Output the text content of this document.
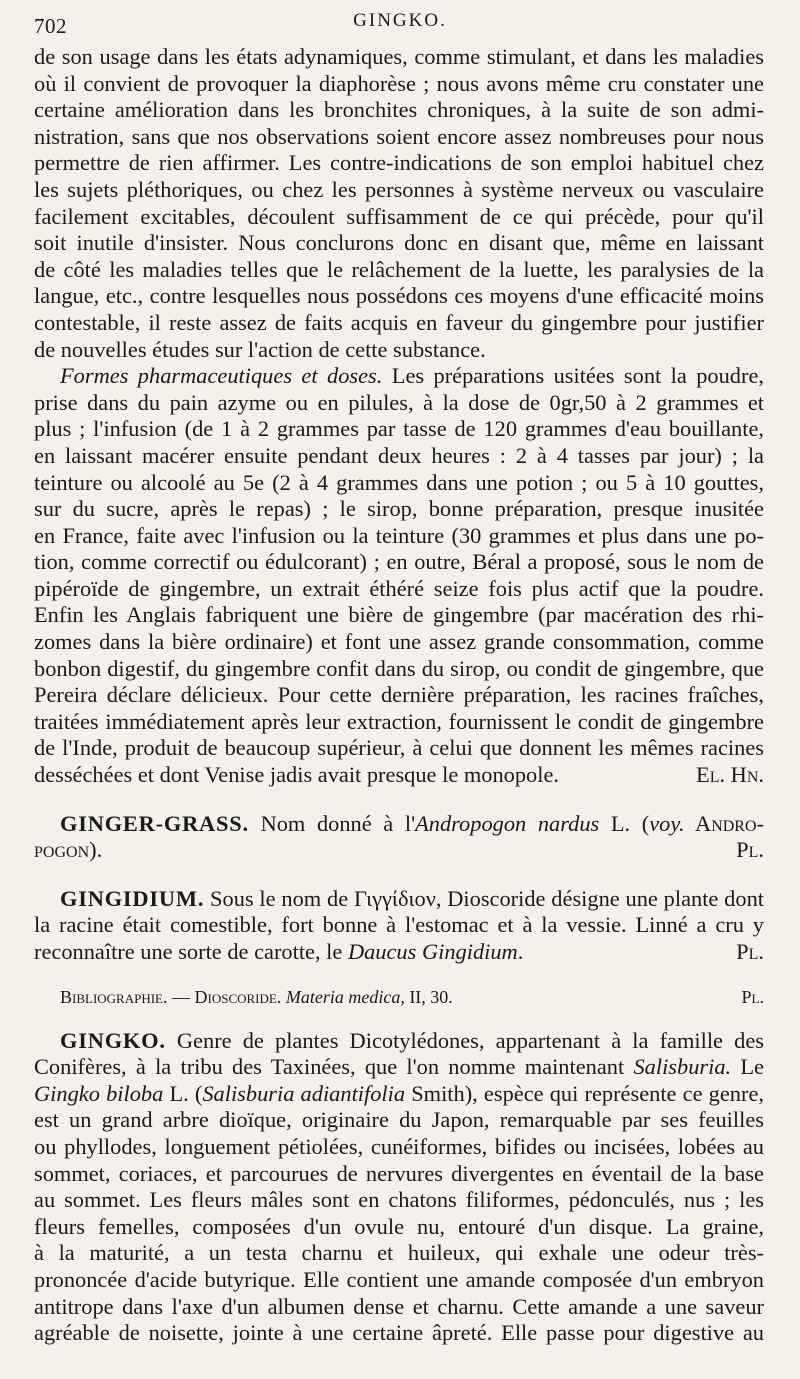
702	GINGKO.
de son usage dans les états adynamiques, comme stimulant, et dans les maladies
où il convient de provoquer la diaphorèse ; nous avons même cru constater une
certaine amélioration dans les bronchites chroniques, à la suite de son admi-
nistration, sans que nos observations soient encore assez nombreuses pour nous
permettre de rien affirmer. Les contre-indications de son emploi habituel chez
les sujets pléthoriques, ou chez les personnes à système nerveux ou vasculaire
facilement excitables, découlent suffisamment de ce qui précède, pour qu'il
soit inutile d'insister. Nous conclurons donc en disant que, même en laissant
de côté les maladies telles que le relâchement de la luette, les paralysies de la
langue, etc., contre lesquelles nous possédons ces moyens d'une efficacité moins
contestable, il reste assez de faits acquis en faveur du gingembre pour justifier
de nouvelles études sur l'action de cette substance.
Formes pharmaceutiques et doses. Les préparations usitées sont la poudre,
prise dans du pain azyme ou en pilules, à la dose de 0gr,50 à 2 grammes et
plus ; l'infusion (de 1 à 2 grammes par tasse de 120 grammes d'eau bouillante,
en laissant macérer ensuite pendant deux heures : 2 à 4 tasses par jour) ; la
teinture ou alcoolé au 5e (2 à 4 grammes dans une potion ; ou 5 à 10 gouttes,
sur du sucre, après le repas) ; le sirop, bonne préparation, presque inusitée
en France, faite avec l'infusion ou la teinture (30 grammes et plus dans une po-
tion, comme correctif ou édulcorant) ; en outre, Béral a proposé, sous le nom de
pipéroïde de gingembre, un extrait éthéré seize fois plus actif que la poudre.
Enfin les Anglais fabriquent une bière de gingembre (par macération des rhi-
zomes dans la bière ordinaire) et font une assez grande consommation, comme
bonbon digestif, du gingembre confit dans du sirop, ou condit de gingembre, que
Pereira déclare délicieux. Pour cette dernière préparation, les racines fraîches,
traitées immédiatement après leur extraction, fournissent le condit de gingembre
de l'Inde, produit de beaucoup supérieur, à celui que donnent les mêmes racines
desséchées et dont Venise jadis avait presque le monopole.	El. Hn.
GINGER-GRASS. Nom donné à l'Andropogon nardus L. (voy. Andro-
pogon).	Pl.
GINGIDIUM. Sous le nom de Γιγγίδιον, Dioscoride désigne une plante dont
la racine était comestible, fort bonne à l'estomac et à la vessie. Linné a cru y
reconnaître une sorte de carotte, le Daucus Gingidium.	Pl.
Bibliographie. — Dioscoride. Materia medica, II, 30.	Pl.
GINGKO. Genre de plantes Dicotylédones, appartenant à la famille des
Conifères, à la tribu des Taxinées, que l'on nomme maintenant Salisburia. Le
Gingko biloba L. (Salisburia adiantifolia Smith), espèce qui représente ce genre,
est un grand arbre dioïque, originaire du Japon, remarquable par ses feuilles
ou phyllodes, longuement pétiolées, cunéiformes, bifides ou incisées, lobées au
sommet, coriaces, et parcourues de nervures divergentes en éventail de la base
au sommet. Les fleurs mâles sont en chatons filiformes, pédonculés, nus ; les
fleurs femelles, composées d'un ovule nu, entouré d'un disque. La graine,
à la maturité, a un testa charnu et huileux, qui exhale une odeur très-
prononcée d'acide butyrique. Elle contient une amande composée d'un embryon
antitrope dans l'axe d'un albumen dense et charnu. Cette amande a une saveur
agréable de noisette, jointe à une certaine âpreté. Elle passe pour digestive au
